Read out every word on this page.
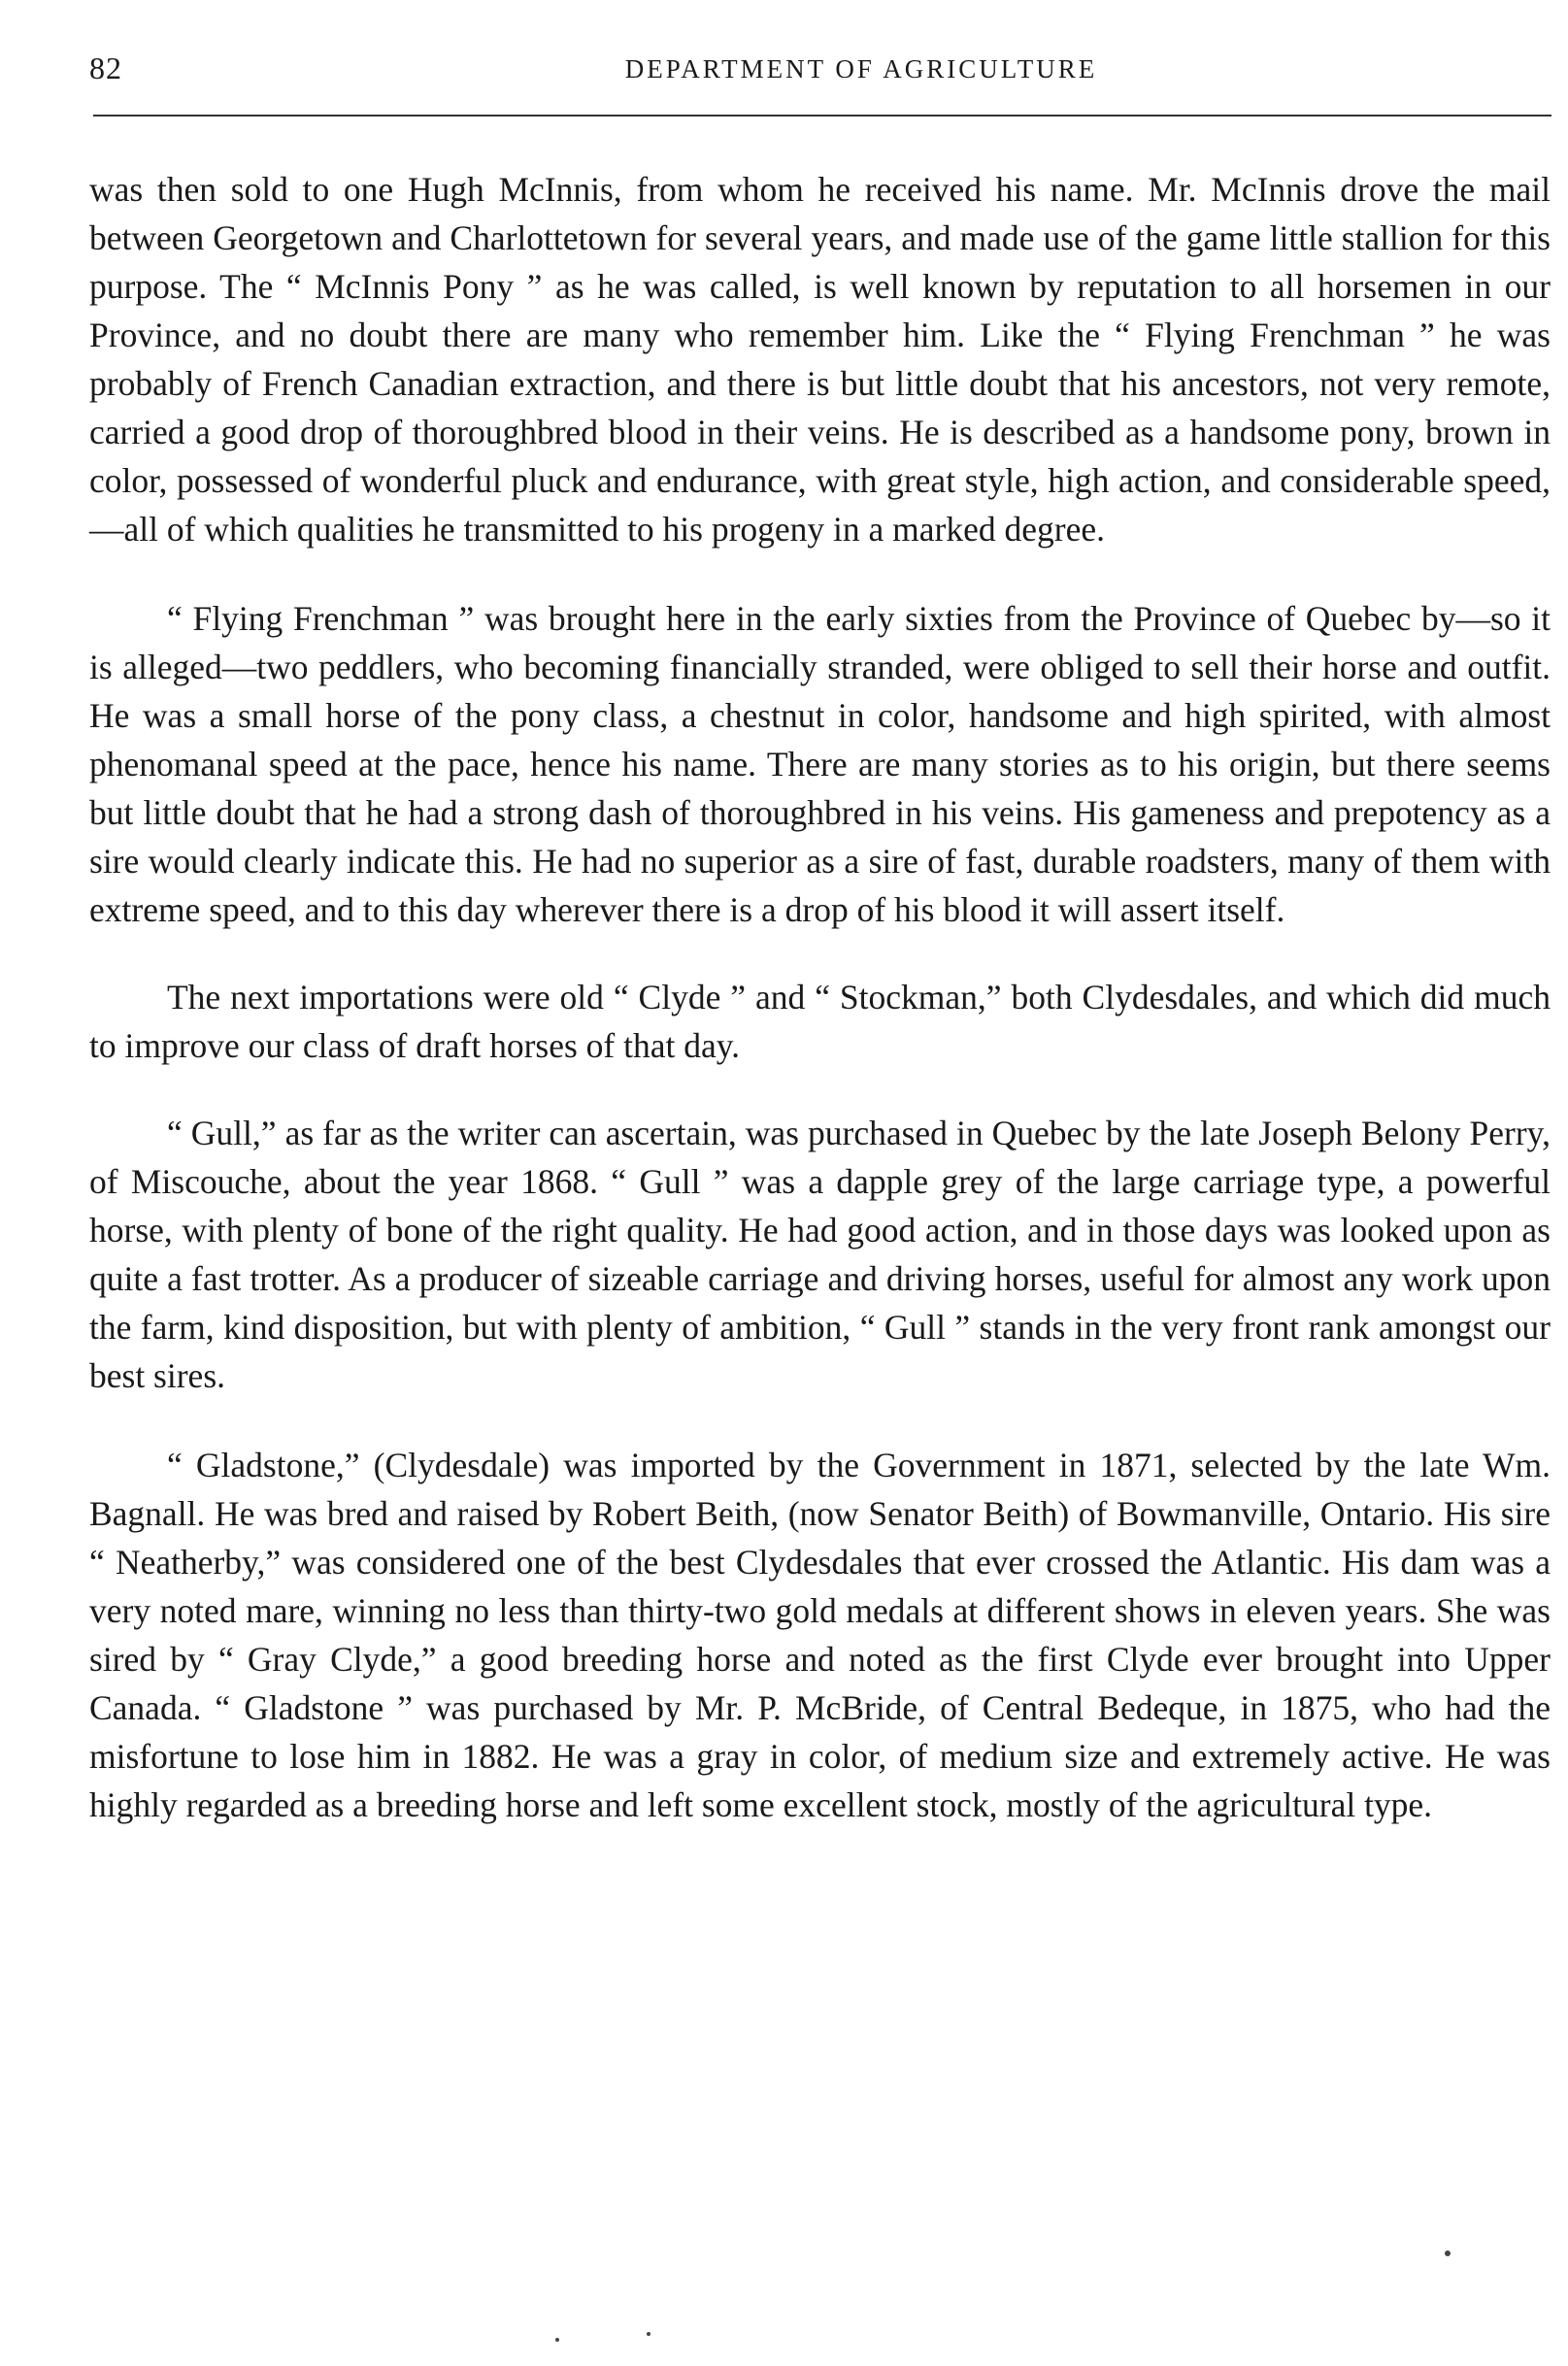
82	DEPARTMENT OF AGRICULTURE

was then sold to one Hugh McInnis, from whom he received his name. Mr. McInnis drove the mail between Georgetown and Charlottetown for several years, and made use of the game little stallion for this purpose. The “ McInnis Pony ” as he was called, is well known by reputation to all horsemen in our Province, and no doubt there are many who remember him. Like the “ Flying Frenchman ” he was probably of French Canadian extraction, and there is but little doubt that his ancestors, not very remote, carried a good drop of thoroughbred blood in their veins. He is described as a handsome pony, brown in color, possessed of wonderful pluck and endurance, with great style, high action, and considerable speed,—all of which qualities he transmitted to his progeny in a marked degree.

“ Flying Frenchman ” was brought here in the early sixties from the Province of Quebec by—so it is alleged—two peddlers, who becoming financially stranded, were obliged to sell their horse and outfit. He was a small horse of the pony class, a chestnut in color, handsome and high spirited, with almost phenomanal speed at the pace, hence his name. There are many stories as to his origin, but there seems but little doubt that he had a strong dash of thoroughbred in his veins. His gameness and prepotency as a sire would clearly indicate this. He had no superior as a sire of fast, durable roadsters, many of them with extreme speed, and to this day wherever there is a drop of his blood it will assert itself.

The next importations were old “ Clyde ” and “ Stockman,” both Clydesdales, and which did much to improve our class of draft horses of that day.

“ Gull,” as far as the writer can ascertain, was purchased in Quebec by the late Joseph Belony Perry, of Miscouche, about the year 1868. “ Gull ” was a dapple grey of the large carriage type, a powerful horse, with plenty of bone of the right quality. He had good action, and in those days was looked upon as quite a fast trotter. As a producer of sizeable carriage and driving horses, useful for almost any work upon the farm, kind disposition, but with plenty of ambition, “ Gull ” stands in the very front rank amongst our best sires.

“ Gladstone,” (Clydesdale) was imported by the Government in 1871, selected by the late Wm. Bagnall. He was bred and raised by Robert Beith, (now Senator Beith) of Bowmanville, Ontario. His sire “ Neatherby,” was considered one of the best Clydesdales that ever crossed the Atlantic. His dam was a very noted mare, winning no less than thirty-two gold medals at different shows in eleven years. She was sired by “ Gray Clyde,” a good breeding horse and noted as the first Clyde ever brought into Upper Canada. “ Gladstone ” was purchased by Mr. P. McBride, of Central Bedeque, in 1875, who had the misfortune to lose him in 1882. He was a gray in color, of medium size and extremely active. He was highly regarded as a breeding horse and left some excellent stock, mostly of the agricultural type.
